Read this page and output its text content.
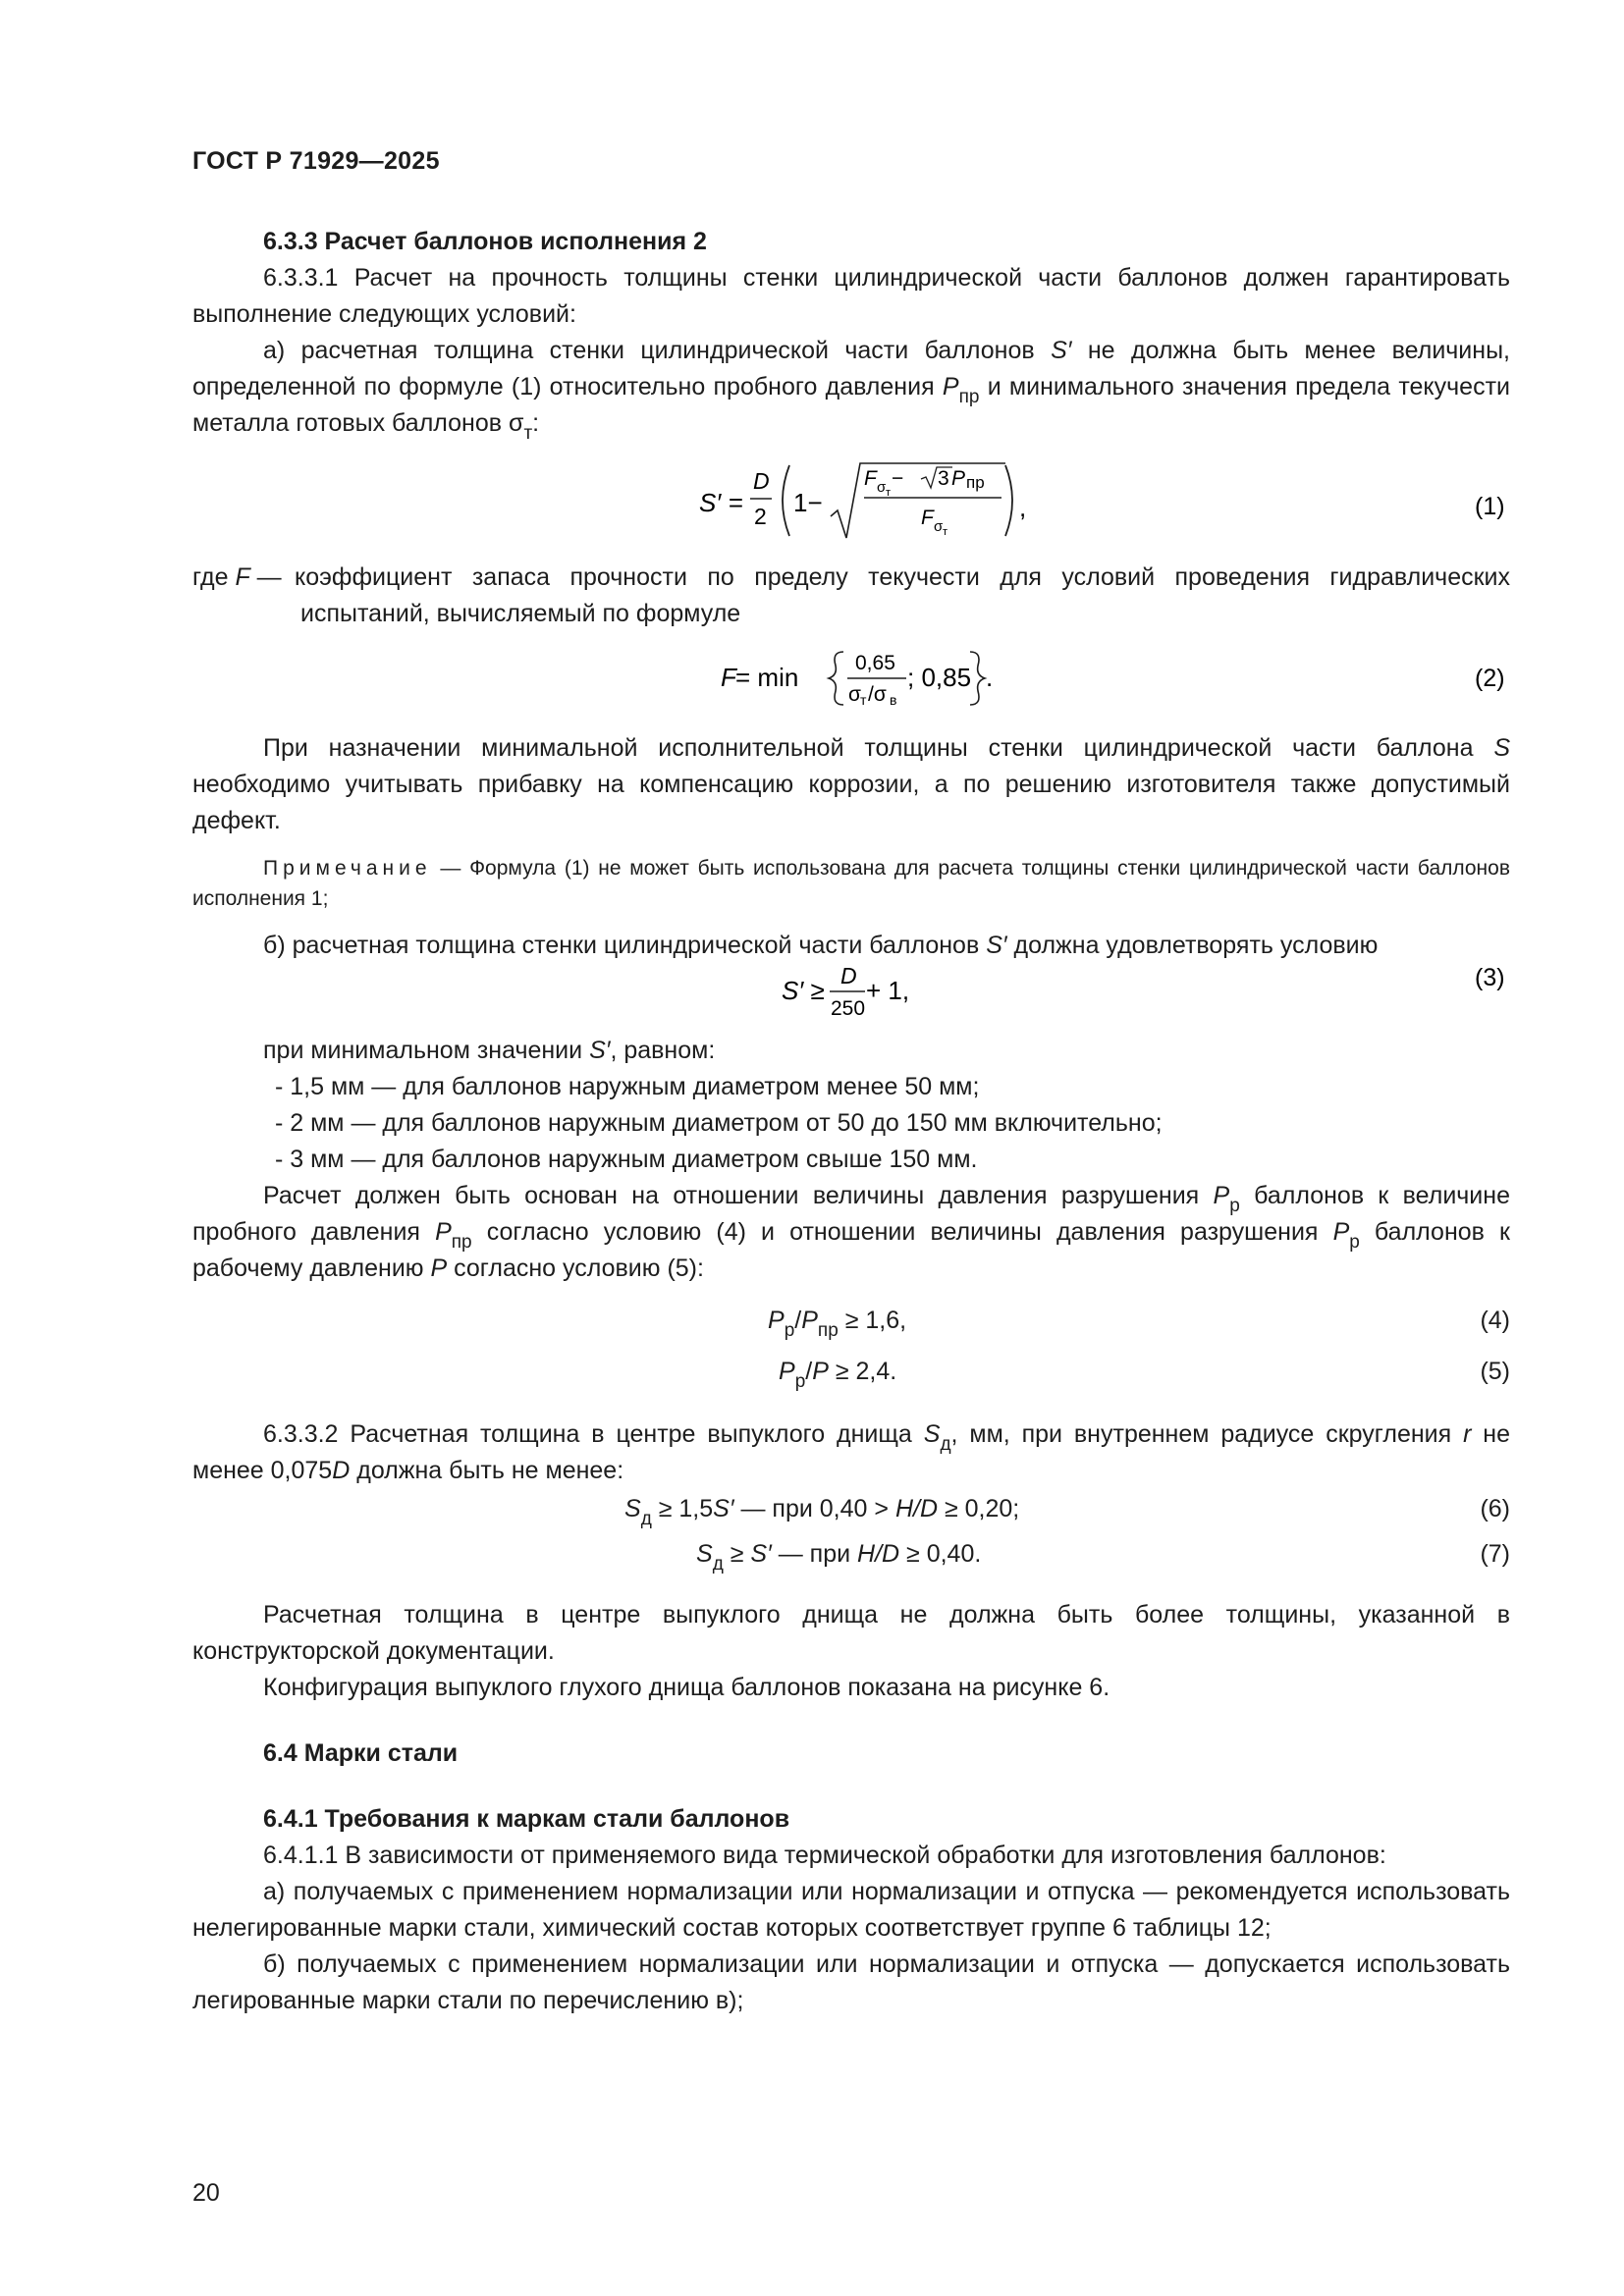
ГОСТ Р 71929—2025

6.3.3 Расчет баллонов исполнения 2

6.3.3.1 Расчет на прочность толщины стенки цилиндрической части баллонов должен гарантировать выполнение следующих условий:

а) расчетная толщина стенки цилиндрической части баллонов S′ не должна быть менее величины, определенной по формуле (1) относительно пробного давления $P_{пр}$ и минимального значения предела текучести металла готовых баллонов $\sigma_т$:

S′ =
D
2 1−
F σ т
− 3 P пр
F σ т
,	(1)

где F —коэффициент запаса прочности по пределу текучести для условий проведения гидравлических испытаний, вычисляемый по формуле

F = min	0,65
σ т /σ в
; 0,85 .	(2)

При назначении минимальной исполнительной толщины стенки цилиндрической части баллона S необходимо учитывать прибавку на компенсацию коррозии, а по решению изготовителя также допустимый дефект.

Примечание — Формула (1) не может быть использована для расчета толщины стенки цилиндрической части баллонов исполнения 1;

б) расчетная толщина стенки цилиндрической части баллонов S′ должна удовлетворять условию

S′ ≥ D
250
+ 1,	(3)

при минимальном значении S′, равном:

- 1,5 мм — для баллонов наружным диаметром менее 50 мм;

- 2 мм — для баллонов наружным диаметром от 50 до 150 мм включительно;

- 3 мм — для баллонов наружным диаметром свыше 150 мм.

Расчет должен быть основан на отношении величины давления разрушения $P_р$ баллонов к величине пробного давления $P_{пр}$ согласно условию (4) и отношении величины давления разрушения $P_р$ баллонов к рабочему давлению P согласно условию (5):

$P_р/P_{пр} \ge 1,6$,	(4)
$P_р/P \ge 2,4$.	(5)

6.3.3.2 Расчетная толщина в центре выпуклого днища $S_д$, мм, при внутреннем радиусе скругления r не менее 0,075D должна быть не менее:

$S_д \ge 1,5S'$ — при 0,40 > H/D ≥ 0,20;	(6)
$S_д \ge S'$ — при H/D ≥ 0,40.	(7)

Расчетная толщина в центре выпуклого днища не должна быть более толщины, указанной в конструкторской документации.

Конфигурация выпуклого глухого днища баллонов показана на рисунке 6.

6.4 Марки стали

6.4.1 Требования к маркам стали баллонов

6.4.1.1 В зависимости от применяемого вида термической обработки для изготовления баллонов:

а) получаемых с применением нормализации или нормализации и отпуска — рекомендуется использовать нелегированные марки стали, химический состав которых соответствует группе 6 таблицы 12;

б) получаемых с применением нормализации или нормализации и отпуска — допускается использовать легированные марки стали по перечислению в);

20
